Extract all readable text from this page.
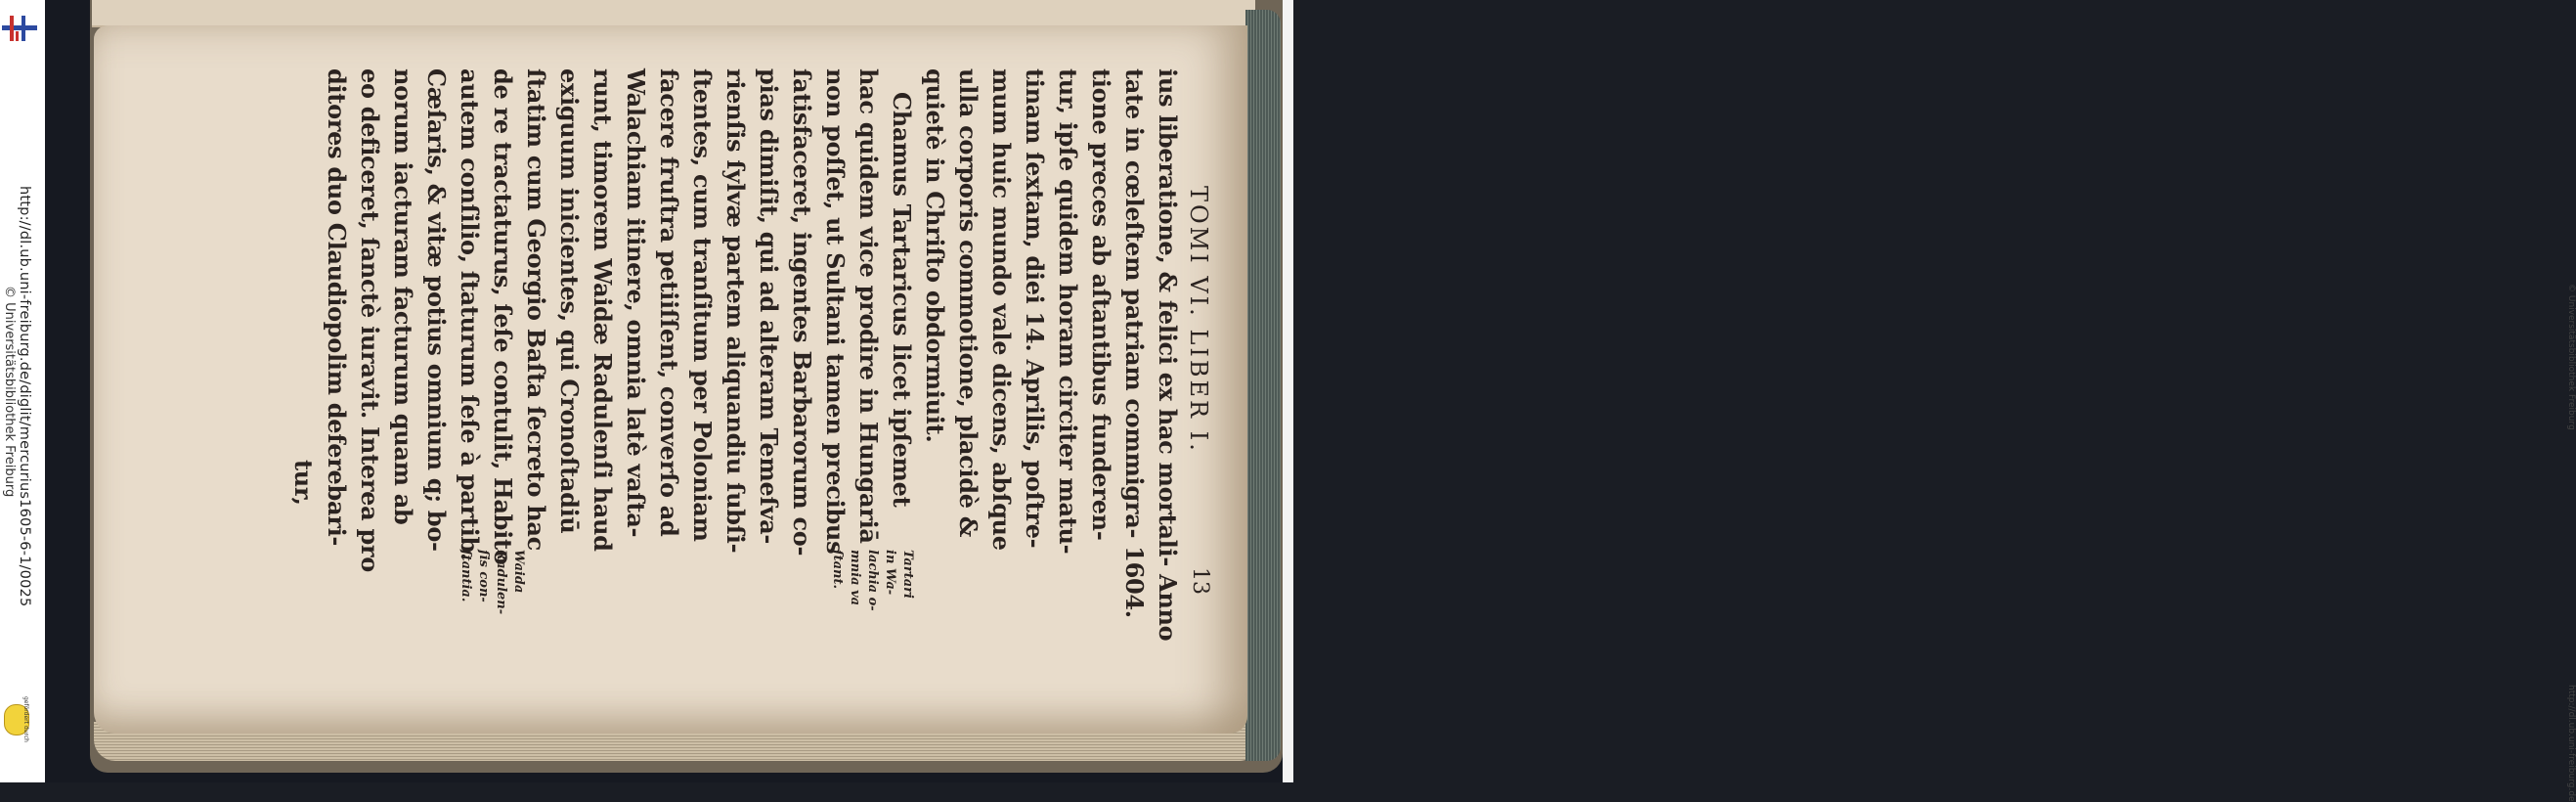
http://dl.ub.uni-freiburg.de/diglit/mercurius1605-6-1/0025
© Universitätsbibliothek Freiburg
gefördert durch
© Universitätsbibliothek Freiburg
http://dl.ub.uni-freiburg.de
TOMI VI. LIBER I.
13
ius liberatione, & felici ex hac mortali- Anno
tate in cœleſtem patriam commigra- 1604.
tione preces ab aſtantibus funderen-
tur, ipſe quidem horam circiter matu-
tinam ſextam, diei 14. Aprilis, poſtre-
mum huic mundo vale dicens, abſque
ulla corporis commotione, placidè &
quietè in Chriſto obdormiuit.
Chamus Tartaricus licet ipſemet
hac quidem vice prodire in Hungariā
non poſſet, ut Sultani tamen precibus
ſatisfaceret, ingentes Barbarorum co-
pias dimiſit, qui ad alteram Temeſva-
rienſis ſylvæ partem aliquandiu ſubſi-
ſtentes, cum tranſitum per Poloniam
facere fruſtra petiiſſent, converſo ad
Walachiam itinere, omnia latè vaſta-
runt, timorem Waidæ Radulenſi haud
exiguum inicientes, qui Cronoſtadiū
ſtatim cum Georgio Baſta ſecreto hac
de re tractaturus, ſeſe contulit, Habito
autem conſilio, ſtaturum ſeſe à partib.
Cæſaris, & vitæ potius omnium q; bo-
norum iacturam facturum quam ab
eo deficeret, ſanctè iuravit. Interea pro
ditores duo Claudiopolim deferebari-
tur,
Tartari
in Wa-
lachia o-
mnia va
ſtant.
Waida
Radulen-
ſis con-
ſtantia.
